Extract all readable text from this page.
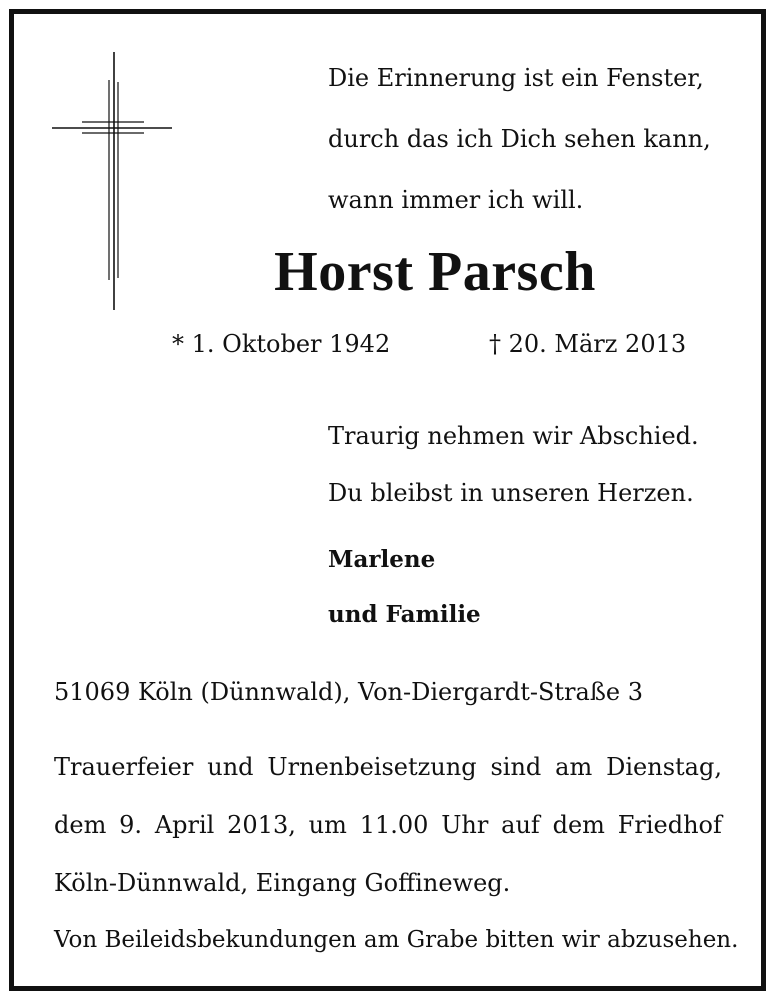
Die Erinnerung ist ein Fenster,
durch das ich Dich sehen kann,
wann immer ich will.
Horst Parsch
* 1. Oktober 1942	† 20. März 2013
Traurig nehmen wir Abschied.
Du bleibst in unseren Herzen.
Marlene
und Familie
51069 Köln (Dünnwald), Von-Diergardt-Straße 3
Trauerfeier und Urnenbeisetzung sind am Dienstag,
dem 9. April 2013, um 11.00 Uhr auf dem Friedhof
Köln-Dünnwald, Eingang Goffineweg.
Von Beileidsbekundungen am Grabe bitten wir abzusehen.
